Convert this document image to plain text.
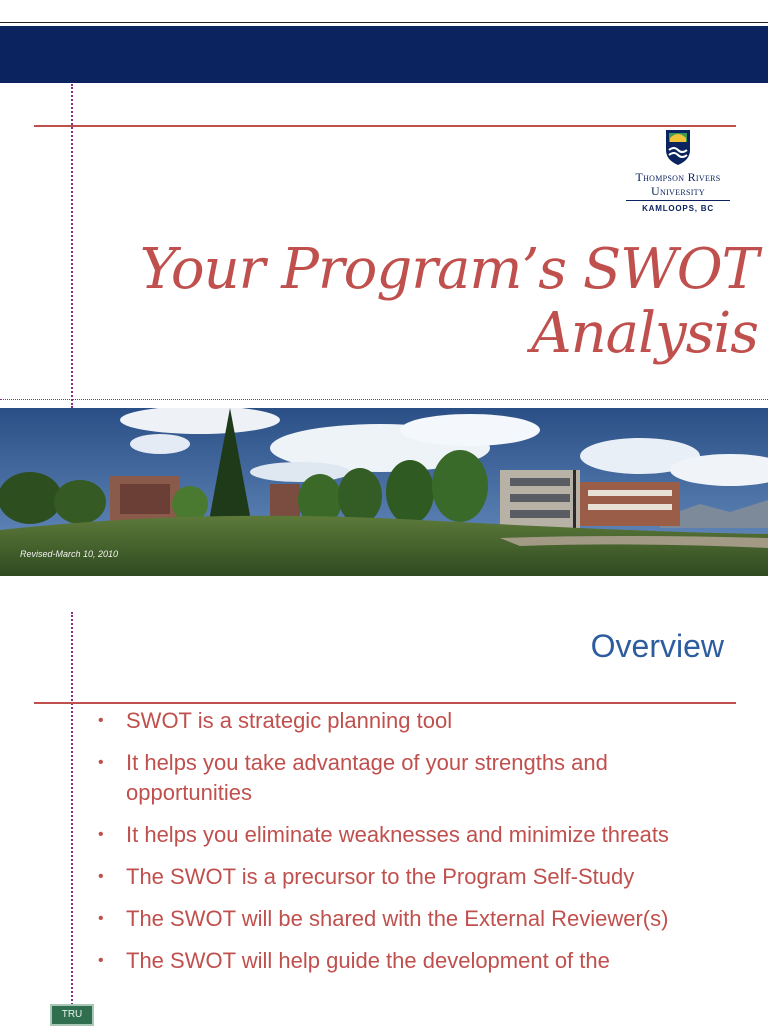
Thompson Rivers
University
KAMLOOPS, BC
Your Program’s SWOT
Analysis
Revised-March 10, 2010
Overview
• SWOT is a strategic planning tool
• It helps you take advantage of your strengths and opportunities
• It helps you eliminate weaknesses and minimize threats
• The SWOT is a precursor to the Program Self-Study
• The SWOT will be shared with the External Reviewer(s)
• The SWOT will help guide the development of the
TRU
